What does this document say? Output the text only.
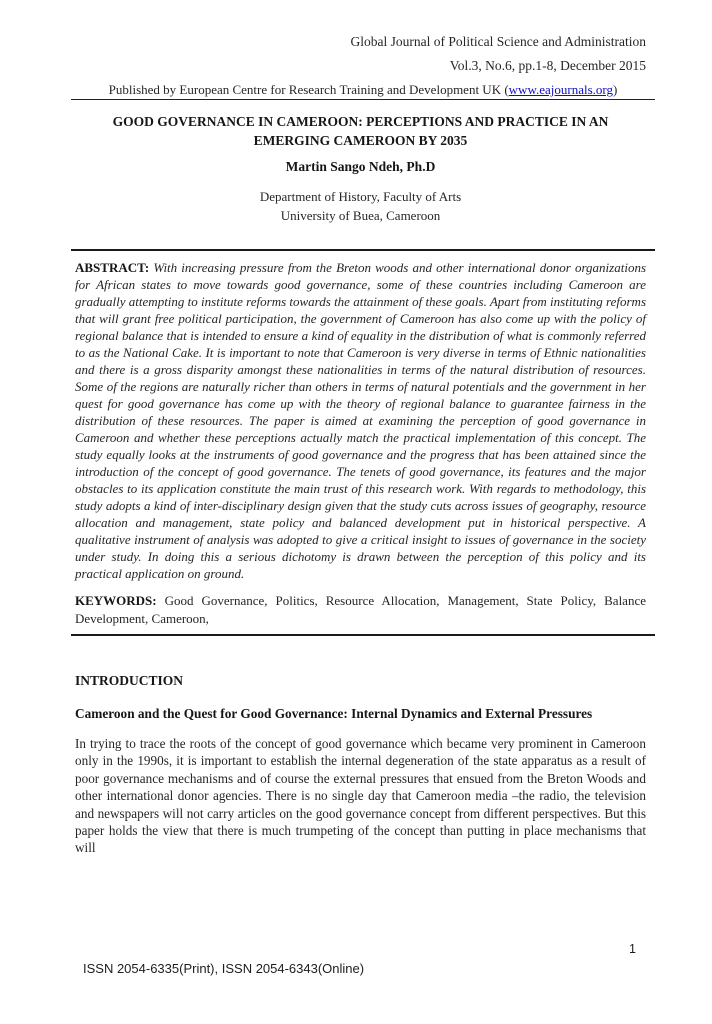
Global Journal of Political Science and Administration
Vol.3, No.6, pp.1-8, December 2015
Published by European Centre for Research Training and Development UK (www.eajournals.org)
GOOD GOVERNANCE IN CAMEROON: PERCEPTIONS AND PRACTICE IN AN EMERGING CAMEROON BY 2035
Martin Sango Ndeh, Ph.D
Department of History, Faculty of Arts
University of Buea, Cameroon
ABSTRACT: With increasing pressure from the Breton woods and other international donor organizations for African states to move towards good governance, some of these countries including Cameroon are gradually attempting to institute reforms towards the attainment of these goals. Apart from instituting reforms that will grant free political participation, the government of Cameroon has also come up with the policy of regional balance that is intended to ensure a kind of equality in the distribution of what is commonly referred to as the National Cake. It is important to note that Cameroon is very diverse in terms of Ethnic nationalities and there is a gross disparity amongst these nationalities in terms of the natural distribution of resources. Some of the regions are naturally richer than others in terms of natural potentials and the government in her quest for good governance has come up with the theory of regional balance to guarantee fairness in the distribution of these resources. The paper is aimed at examining the perception of good governance in Cameroon and whether these perceptions actually match the practical implementation of this concept. The study equally looks at the instruments of good governance and the progress that has been attained since the introduction of the concept of good governance. The tenets of good governance, its features and the major obstacles to its application constitute the main trust of this research work. With regards to methodology, this study adopts a kind of inter-disciplinary design given that the study cuts across issues of geography, resource allocation and management, state policy and balanced development put in historical perspective. A qualitative instrument of analysis was adopted to give a critical insight to issues of governance in the society under study. In doing this a serious dichotomy is drawn between the perception of this policy and its practical application on ground.
KEYWORDS: Good Governance, Politics, Resource Allocation, Management, State Policy, Balance Development, Cameroon,
INTRODUCTION
Cameroon and the Quest for Good Governance: Internal Dynamics and External Pressures
In trying to trace the roots of the concept of good governance which became very prominent in Cameroon only in the 1990s, it is important to establish the internal degeneration of the state apparatus as a result of poor governance mechanisms and of course the external pressures that ensued from the Breton Woods and other international donor agencies. There is no single day that Cameroon media –the radio, the television and newspapers will not carry articles on the good governance concept from different perspectives. But this paper holds the view that there is much trumpeting of the concept than putting in place mechanisms that will
ISSN 2054-6335(Print), ISSN 2054-6343(Online)
1
